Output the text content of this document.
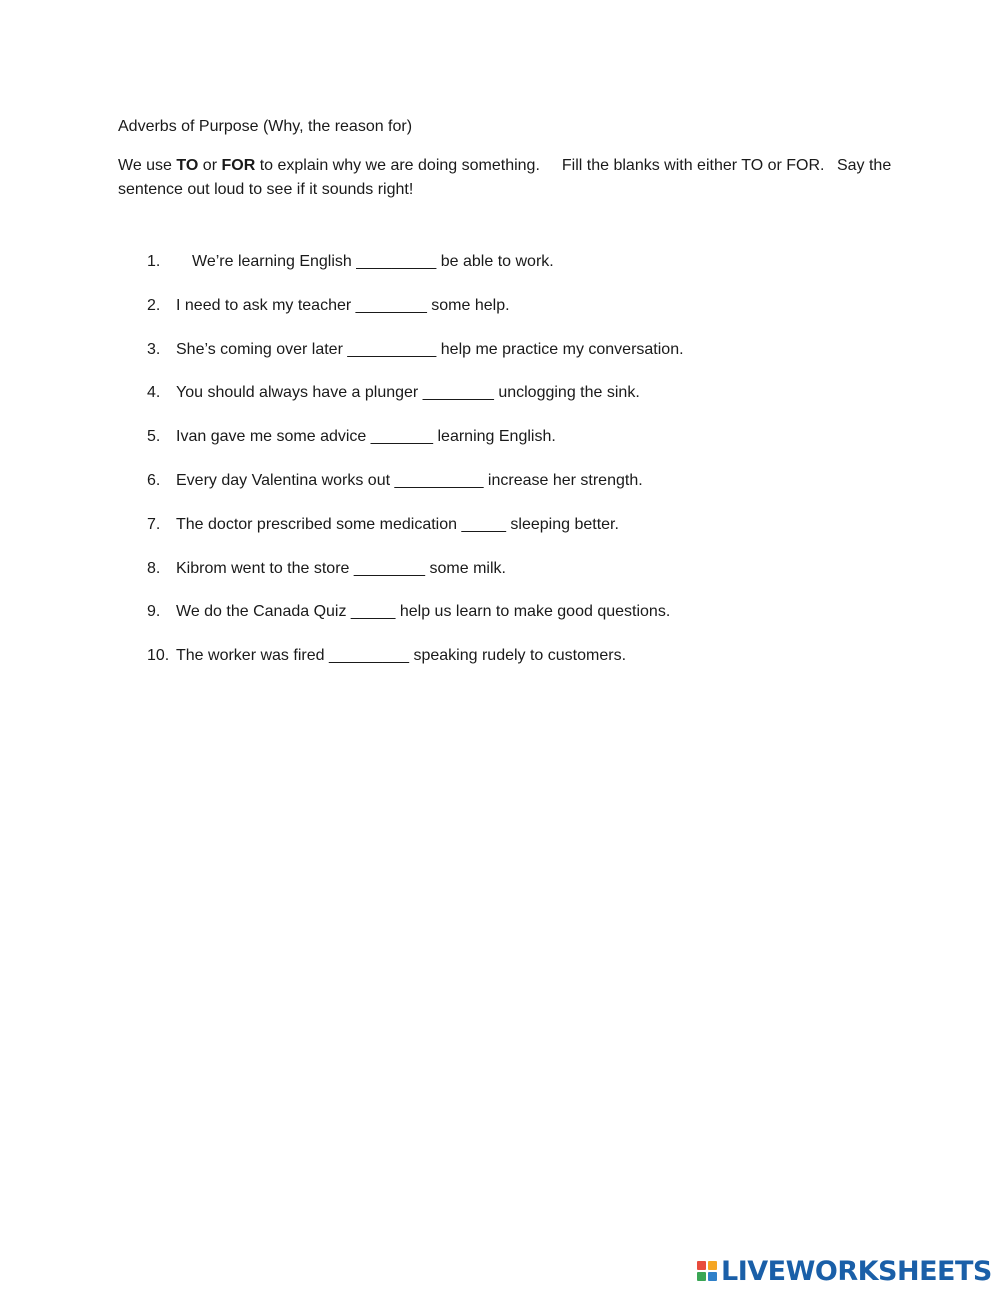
Adverbs of Purpose (Why, the reason for)

We use TO or FOR to explain why we are doing something. Fill the blanks with either TO or FOR. Say the sentence out loud to see if it sounds right!

1. We’re learning English _________ be able to work.
2. I need to ask my teacher ________ some help.
3. She’s coming over later __________ help me practice my conversation.
4. You should always have a plunger ________ unclogging the sink.
5. Ivan gave me some advice _______ learning English.
6. Every day Valentina works out __________ increase her strength.
7. The doctor prescribed some medication _____ sleeping better.
8. Kibrom went to the store ________ some milk.
9. We do the Canada Quiz _____ help us learn to make good questions.
10. The worker was fired _________ speaking rudely to customers.
LIVEWORKSHEETS
